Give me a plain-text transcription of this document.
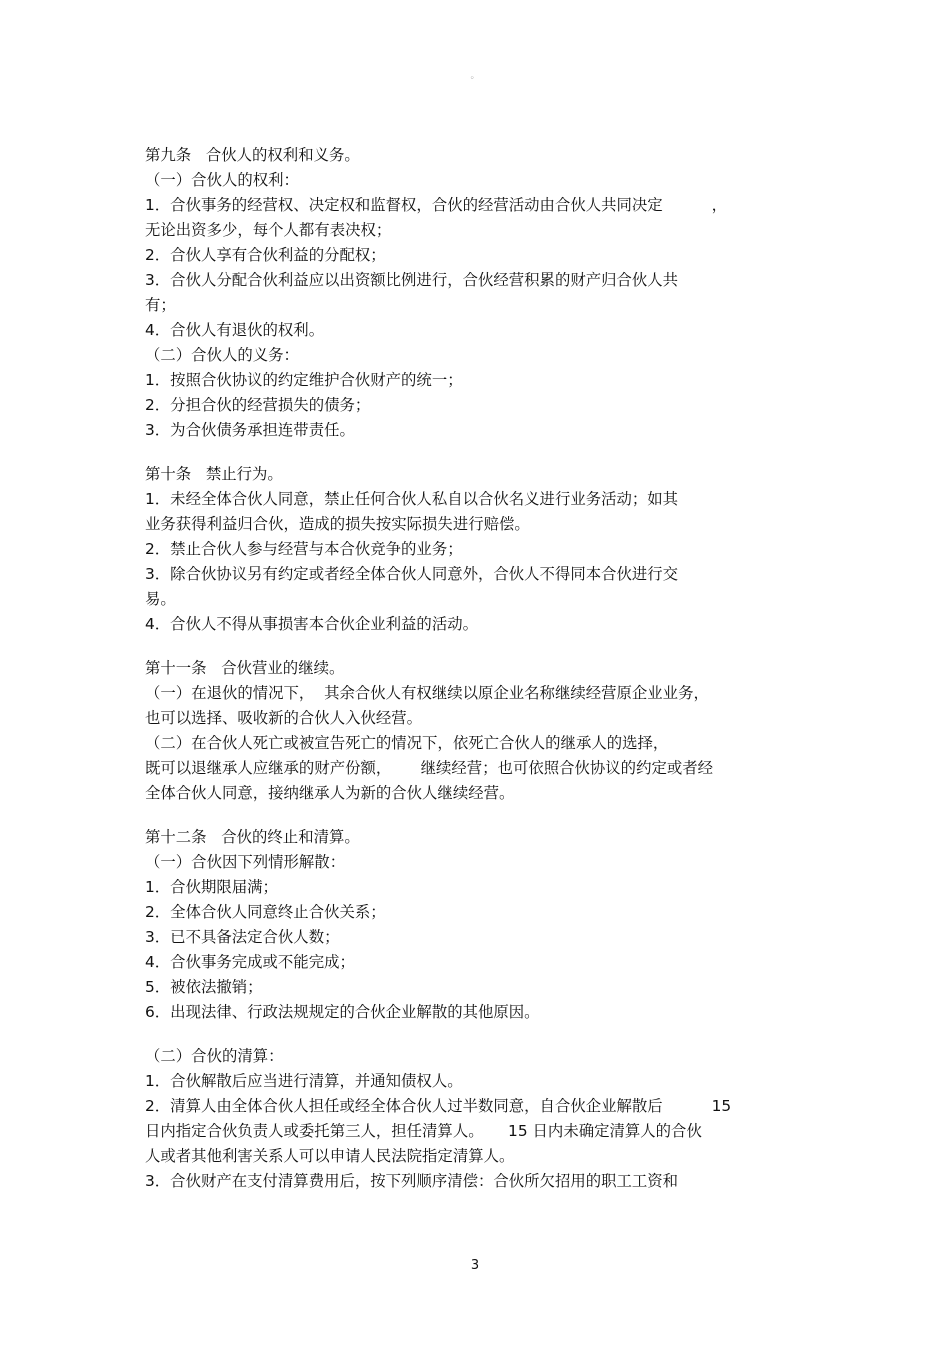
。
第九条   合伙人的权利和义务。
（一）合伙人的权利：
1．合伙事务的经营权、决定权和监督权，合伙的经营活动由合伙人共同决定          ，
无论出资多少，每个人都有表决权；
2．合伙人享有合伙利益的分配权；
3．合伙人分配合伙利益应以出资额比例进行，合伙经营积累的财产归合伙人共
有；
4．合伙人有退伙的权利。
（二）合伙人的义务：
1．按照合伙协议的约定维护合伙财产的统一；
2．分担合伙的经营损失的债务；
3．为合伙债务承担连带责任。
第十条   禁止行为。
1．未经全体合伙人同意，禁止任何合伙人私自以合伙名义进行业务活动；如其
业务获得利益归合伙，造成的损失按实际损失进行赔偿。
2．禁止合伙人参与经营与本合伙竞争的业务；
3．除合伙协议另有约定或者经全体合伙人同意外，合伙人不得同本合伙进行交
易。
4．合伙人不得从事损害本合伙企业利益的活动。
第十一条   合伙营业的继续。
（一）在退伙的情况下，  其余合伙人有权继续以原企业名称继续经营原企业业务，
也可以选择、吸收新的合伙人入伙经营。
（二）在合伙人死亡或被宣告死亡的情况下，依死亡合伙人的继承人的选择，
既可以退继承人应继承的财产份额，      继续经营；也可依照合伙协议的约定或者经
全体合伙人同意，接纳继承人为新的合伙人继续经营。
第十二条   合伙的终止和清算。
（一）合伙因下列情形解散：
1．合伙期限届满；
2．全体合伙人同意终止合伙关系；
3．已不具备法定合伙人数；
4．合伙事务完成或不能完成；
5．被依法撤销；
6．出现法律、行政法规规定的合伙企业解散的其他原因。
（二）合伙的清算：
1．合伙解散后应当进行清算，并通知债权人。
2．清算人由全体合伙人担任或经全体合伙人过半数同意，自合伙企业解散后          15
日内指定合伙负责人或委托第三人，担任清算人。     15 日内未确定清算人的合伙
人或者其他利害关系人可以申请人民法院指定清算人。
3．合伙财产在支付清算费用后，按下列顺序清偿：合伙所欠招用的职工工资和
3
